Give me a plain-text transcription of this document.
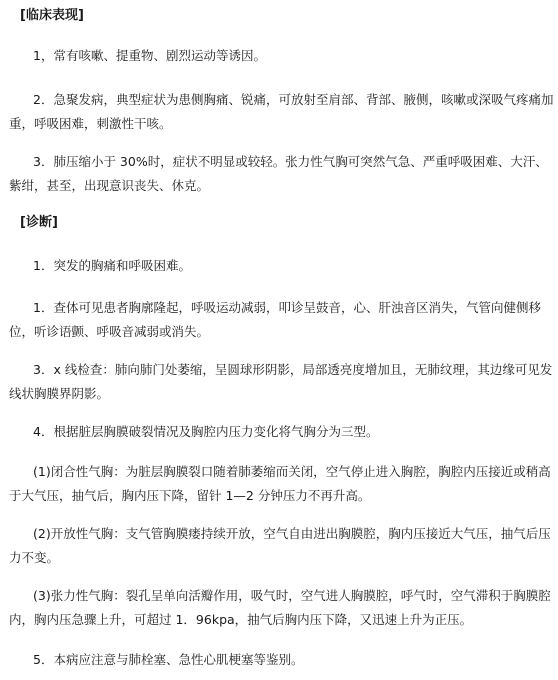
[临床表现]
1，常有咳嗽、提重物、剧烈运动等诱因。
2．急聚发病，典型症状为患侧胸痛、锐痛，可放射至肩部、背部、腋侧，咳嗽或深吸气疼痛加重，呼吸困难，刺激性干咳。
3．肺压缩小于 30%时，症状不明显或较轻。张力性气胸可突然气急、严重呼吸困难、大汗、紫绀，甚至，出现意识丧失、休克。
[诊断]
1．突发的胸痛和呼吸困难。
1．查体可见患者胸廓隆起，呼吸运动减弱，叩诊呈鼓音，心、肝浊音区消失，气管向健侧移位，听诊语颤、呼吸音减弱或消失。
3．x 线检查：肺向肺门处萎缩，呈圆球形阴影，局部透亮度增加且，无肺纹理，其边缘可见发线状胸膜界阴影。
4．根据脏层胸膜破裂情况及胸腔内压力变化将气胸分为三型。
(1)闭合性气胸：为脏层胸膜裂口随着肺萎缩而关闭，空气停止进入胸腔，胸腔内压接近或稍高于大气压，抽气后，胸内压下降，留针 1—2 分钟压力不再升高。
(2)开放性气胸：支气管胸膜瘘持续开放，空气自由进出胸膜腔，胸内压接近大气压，抽气后压力不变。
(3)张力性气胸：裂孔呈单向活瓣作用，吸气时，空气进人胸膜腔，呼气时，空气滞积于胸膜腔内，胸内压急骤上升，可超过 1．96kpa，抽气后胸内压下降，又迅速上升为正压。
5．本病应注意与肺栓塞、急性心肌梗塞等鉴别。
